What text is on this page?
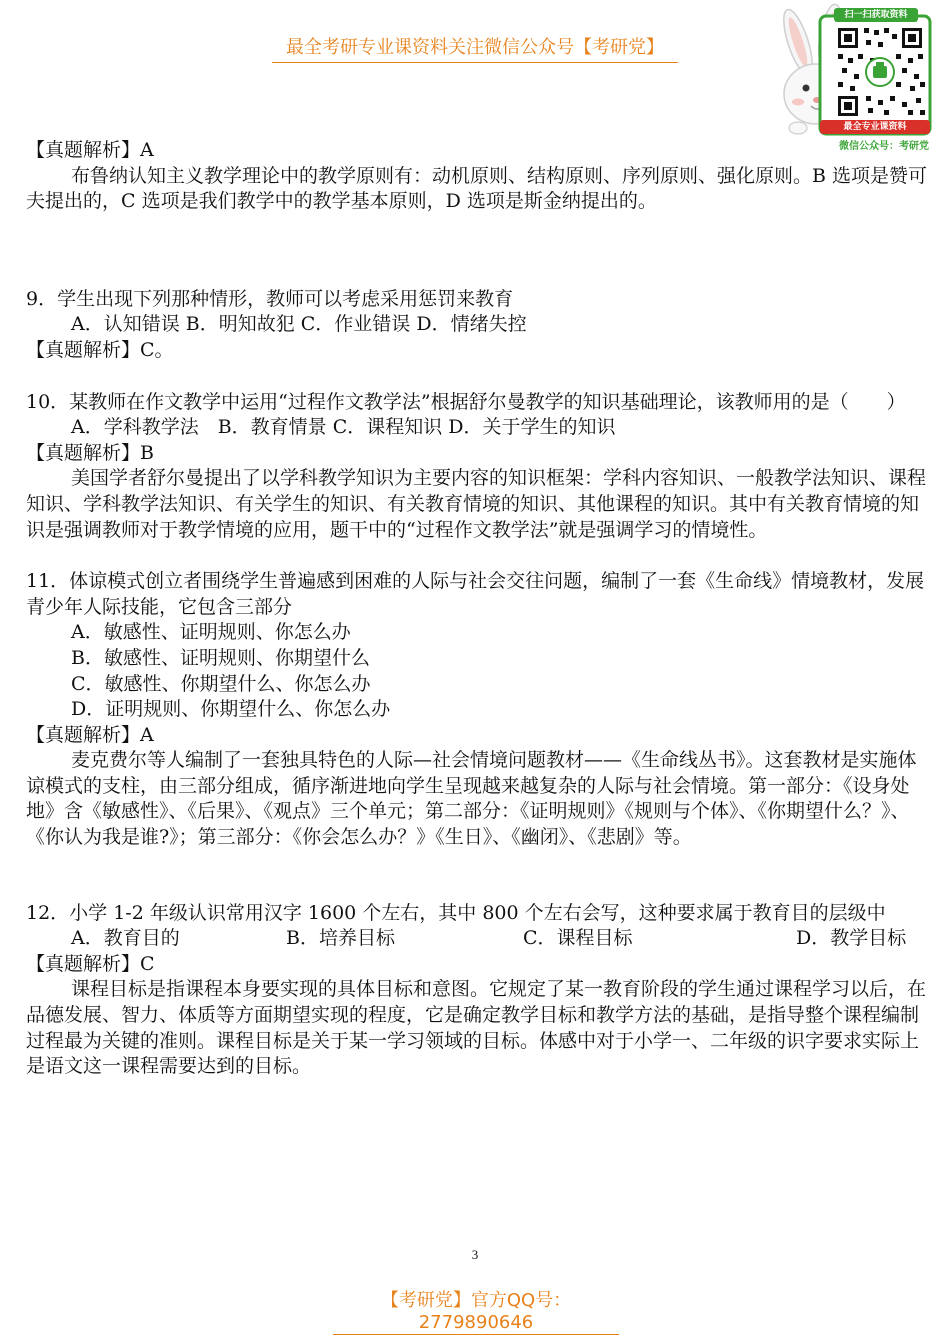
最全考研专业课资料关注微信公众号【考研党】
扫一扫获取资料
最全专业课资料
微信公众号：考研党

【真题解析】A

布鲁纳认知主义教学理论中的教学原则有：动机原则、结构原则、序列原则、强化原则。B 选项是赞可夫提出的，C 选项是我们教学中的教学基本原则，D 选项是斯金纳提出的。

9．学生出现下列那种情形，教师可以考虑采用惩罚来教育

A．认知错误 B．明知故犯 C．作业错误 D．情绪失控

【真题解析】C。

10．某教师在作文教学中运用“过程作文教学法”根据舒尔曼教学的知识基础理论，该教师用的是（　　）

A．学科教学法　B．教育情景 C．课程知识 D．关于学生的知识

【真题解析】B

美国学者舒尔曼提出了以学科教学知识为主要内容的知识框架：学科内容知识、一般教学法知识、课程知识、学科教学法知识、有关学生的知识、有关教育情境的知识、其他课程的知识。其中有关教育情境的知识是强调教师对于教学情境的应用，题干中的“过程作文教学法”就是强调学习的情境性。

11．体谅模式创立者围绕学生普遍感到困难的人际与社会交往问题，编制了一套《生命线》情境教材，发展青少年人际技能，它包含三部分

A．敏感性、证明规则、你怎么办

B．敏感性、证明规则、你期望什么

C．敏感性、你期望什么、你怎么办

D．证明规则、你期望什么、你怎么办

【真题解析】A

麦克费尔等人编制了一套独具特色的人际—社会情境问题教材——《生命线丛书》。这套教材是实施体谅模式的支柱，由三部分组成，循序渐进地向学生呈现越来越复杂的人际与社会情境。第一部分：《设身处地》含《敏感性》、《后果》、《观点》三个单元；第二部分：《证明规则》《规则与个体》、《你期望什么？》、《你认为我是谁?》；第三部分：《你会怎么办？》《生日》、《幽闭》、《悲剧》等。

12．小学 1-2 年级认识常用汉字 1600 个左右，其中 800 个左右会写，这种要求属于教育目的层级中

A．教育目的	B．培养目标	C．课程目标	D．教学目标

【真题解析】C

课程目标是指课程本身要实现的具体目标和意图。它规定了某一教育阶段的学生通过课程学习以后，在品德发展、智力、体质等方面期望实现的程度，它是确定教学目标和教学方法的基础，是指导整个课程编制过程最为关键的准则。课程目标是关于某一学习领域的目标。体感中对于小学一、二年级的识字要求实际上是语文这一课程需要达到的目标。

3
【考研党】官方QQ号：2779890646
